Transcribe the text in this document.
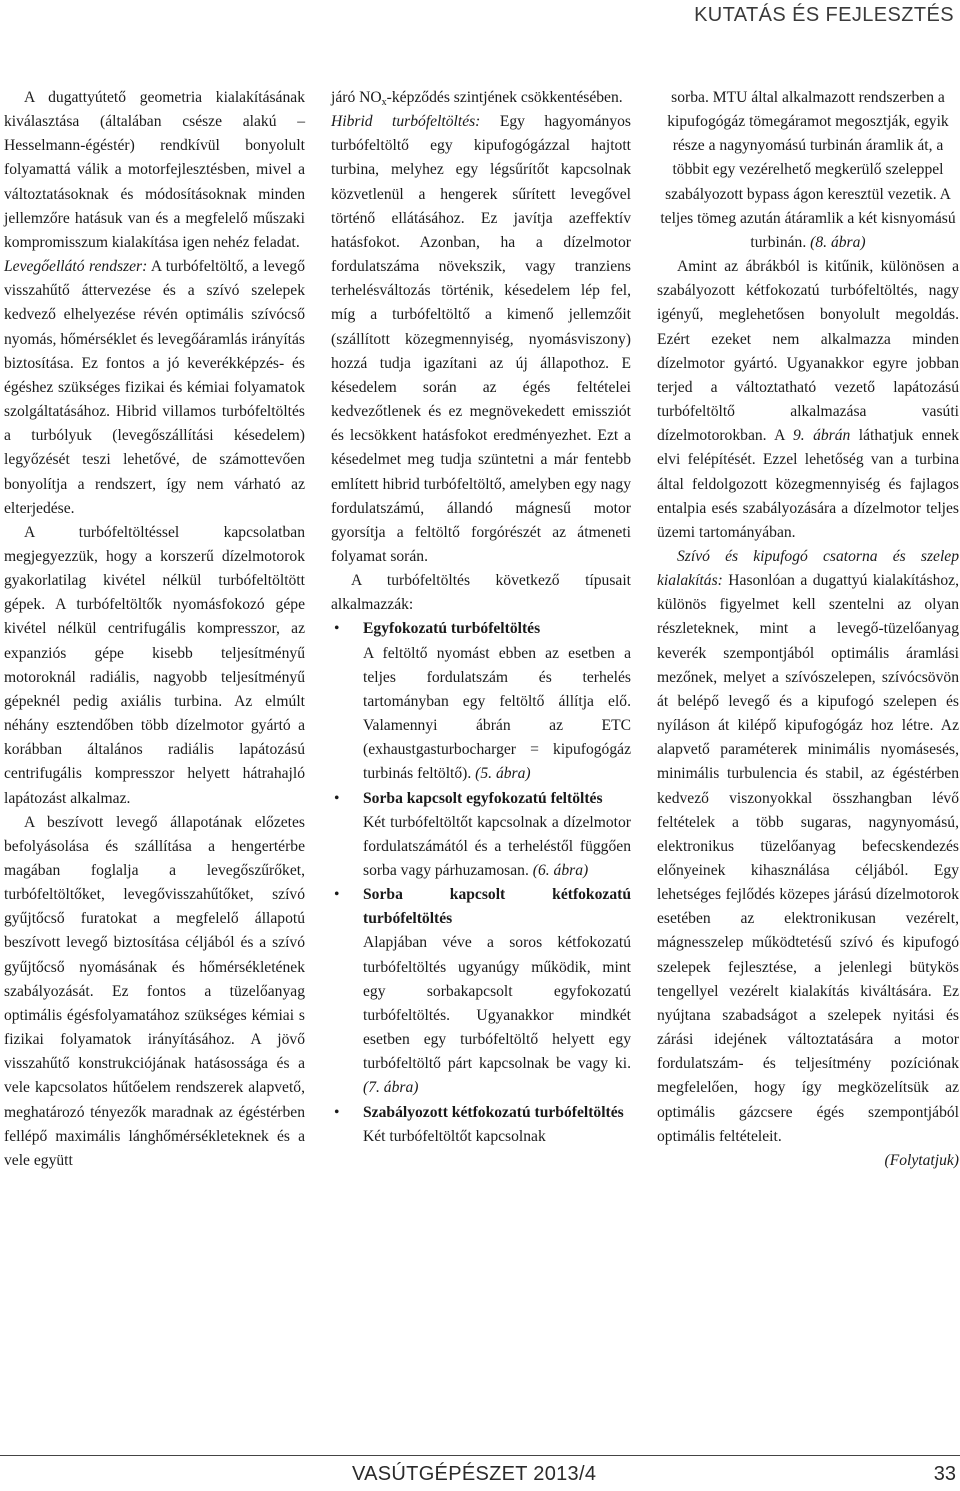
KUTATÁS ÉS FEJLESZTÉS

A dugattyútető geometria kialakításának kiválasztása (általában csésze alakú – Hesselmann-égéstér) rendkívül bonyolult folyamattá válik a motorfejlesztésben, mivel a változtatásoknak és módosításoknak minden jellemzőre hatásuk van és a megfelelő műszaki kompromisszum kialakítása igen nehéz feladat.

Levegőellátó rendszer: A turbófeltöltő, a levegő visszahűtő áttervezése és a szívó szelepek kedvező elhelyezése révén optimális szívócső nyomás, hőmérséklet és levegőáramlás irányítás biztosítása. Ez fontos a jó keverékképzés- és égéshez szükséges fizikai és kémiai folyamatok szolgáltatásához. Hibrid villamos turbófeltöltés a turbólyuk (levegőszállítási késedelem) legyőzését teszi lehetővé, de számottevően bonyolítja a rendszert, így nem várható az elterjedése.

A turbófeltöltéssel kapcsolatban megjegyezzük, hogy a korszerű dízelmotorok gyakorlatilag kivétel nélkül turbófeltöltött gépek. A turbófeltöltők nyomásfokozó gépe kivétel nélkül centrifugális kompresszor, az expanziós gépe kisebb teljesítményű motoroknál radiális, nagyobb teljesítményű gépeknél pedig axiális turbina. Az elmúlt néhány esztendőben több dízelmotor gyártó a korábban általános radiális lapátozású centrifugális kompresszor helyett hátrahajló lapátozást alkalmaz.

A beszívott levegő állapotának előzetes befolyásolása és szállítása a hengertérbe magában foglalja a levegőszűrőket, turbófeltöltőket, levegővisszahűtőket, szívó gyűjtőcső furatokat a megfelelő állapotú beszívott levegő biztosítása céljából és a szívó gyűjtőcső nyomásának és hőmérsékletének szabályozását. Ez fontos a tüzelőanyag optimális égésfolyamatához szükséges kémiai s fizikai folyamatok irányításához. A jövő visszahűtő konstrukciójának hatásossága és a vele kapcsolatos hűtőelem rendszerek alapvető, meghatározó tényezők maradnak az égéstérben fellépő maximális lánghőmérsékleteknek és a vele együtt

járó $NO_x$-képződés szintjének csökkentésében.

Hibrid turbófeltöltés: Egy hagyományos turbófeltöltő egy kipufogógázzal hajtott turbina, melyhez egy légsűrítőt kapcsolnak közvetlenül a hengerek sűrített levegővel történő ellátásához. Ez javítja azeffektív hatásfokot. Azonban, ha a dízelmotor fordulatszáma növekszik, vagy tranziens terhelésváltozás történik, késedelem lép fel, míg a turbófeltöltő a kimenő jellemzőit (szállított közegmennyiség, nyomásviszony) hozzá tudja igazítani az új állapothoz. E késedelem során az égés feltételei kedvezőtlenek és ez megnövekedett emissziót és lecsökkent hatásfokot eredményezhet. Ezt a késedelmet meg tudja szüntetni a már fentebb említett hibrid turbófeltöltő, amelyben egy nagy fordulatszámú, állandó mágnesű motor gyorsítja a feltöltő forgórészét az átmeneti folyamat során.

A turbófeltöltés következő típusait alkalmazzák:

• Egyfokozatú turbófeltöltés
A feltöltő nyomást ebben az esetben a teljes fordulatszám és terhelés tartományban egy feltöltő állítja elő. Valamennyi ábrán az ETC (exhaustgasturbocharger = kipufogógáz turbinás feltöltő). (5. ábra)
• Sorba kapcsolt egyfokozatú feltöltés
Két turbófeltöltőt kapcsolnak a dízelmotor fordulatszámától és a terheléstől függően sorba vagy párhuzamosan. (6. ábra)
• Sorba kapcsolt kétfokozatú turbófeltöltés
Alapjában véve a soros kétfokozatú turbófeltöltés ugyanúgy működik, mint egy sorbakapcsolt egyfokozatú turbófeltöltés. Ugyanakkor mindkét esetben egy turbófeltöltő helyett egy turbófeltöltő párt kapcsolnak be vagy ki. (7. ábra)
• Szabályozott kétfokozatú turbófeltöltés
Két turbófeltöltőt kapcsolnak

sorba. MTU által alkalmazott rendszerben a kipufogógáz tömegáramot megosztják, egyik része a nagynyomású turbinán áramlik át, a többit egy vezérelhető megkerülő szeleppel szabályozott bypass ágon keresztül vezetik. A teljes tömeg azután átáramlik a két kisnyomású turbinán. (8. ábra)

Amint az ábrákból is kitűnik, különösen a szabályozott kétfokozatú turbófeltöltés, nagy igényű, meglehetősen bonyolult megoldás. Ezért ezeket nem alkalmazza minden dízelmotor gyártó. Ugyanakkor egyre jobban terjed a változtatható vezető lapátozású turbófeltöltő alkalmazása vasúti dízelmotorokban. A 9. ábrán láthatjuk ennek elvi felépítését. Ezzel lehetőség van a turbina által feldolgozott közegmennyiség és fajlagos entalpia esés szabályozására a dízelmotor teljes üzemi tartományában.

Szívó és kipufogó csatorna és szelep kialakítás: Hasonlóan a dugattyú kialakításhoz, különös figyelmet kell szentelni az olyan részleteknek, mint a levegő-tüzelőanyag keverék szempontjából optimális áramlási mezőnek, melyet a szívószelepen, szívócsövön át belépő levegő és a kipufogó szelepen és nyíláson át kilépő kipufogógáz hoz létre. Az alapvető paraméterek minimális nyomásesés, minimális turbulencia és stabil, az égéstérben kedvező viszonyokkal összhangban lévő feltételek a több sugaras, nagynyomású, elektronikus tüzelőanyag befecskendezés előnyeinek kihasználása céljából. Egy lehetséges fejlődés közepes járású dízelmotorok esetében az elektronikusan vezérelt, mágnesszelep működtetésű szívó és kipufogó szelepek fejlesztése, a jelenlegi bütykös tengellyel vezérelt kialakítás kiváltására. Ez nyújtana szabadságot a szelepek nyitási és zárási idejének változtatására a motor fordulatszám- és teljesítmény pozíciónak megfelelően, hogy így megközelítsük az optimális gázcsere égés szempontjából optimális feltételeit.

(Folytatjuk)

VASÚTGÉPÉSZET 2013/4	33
